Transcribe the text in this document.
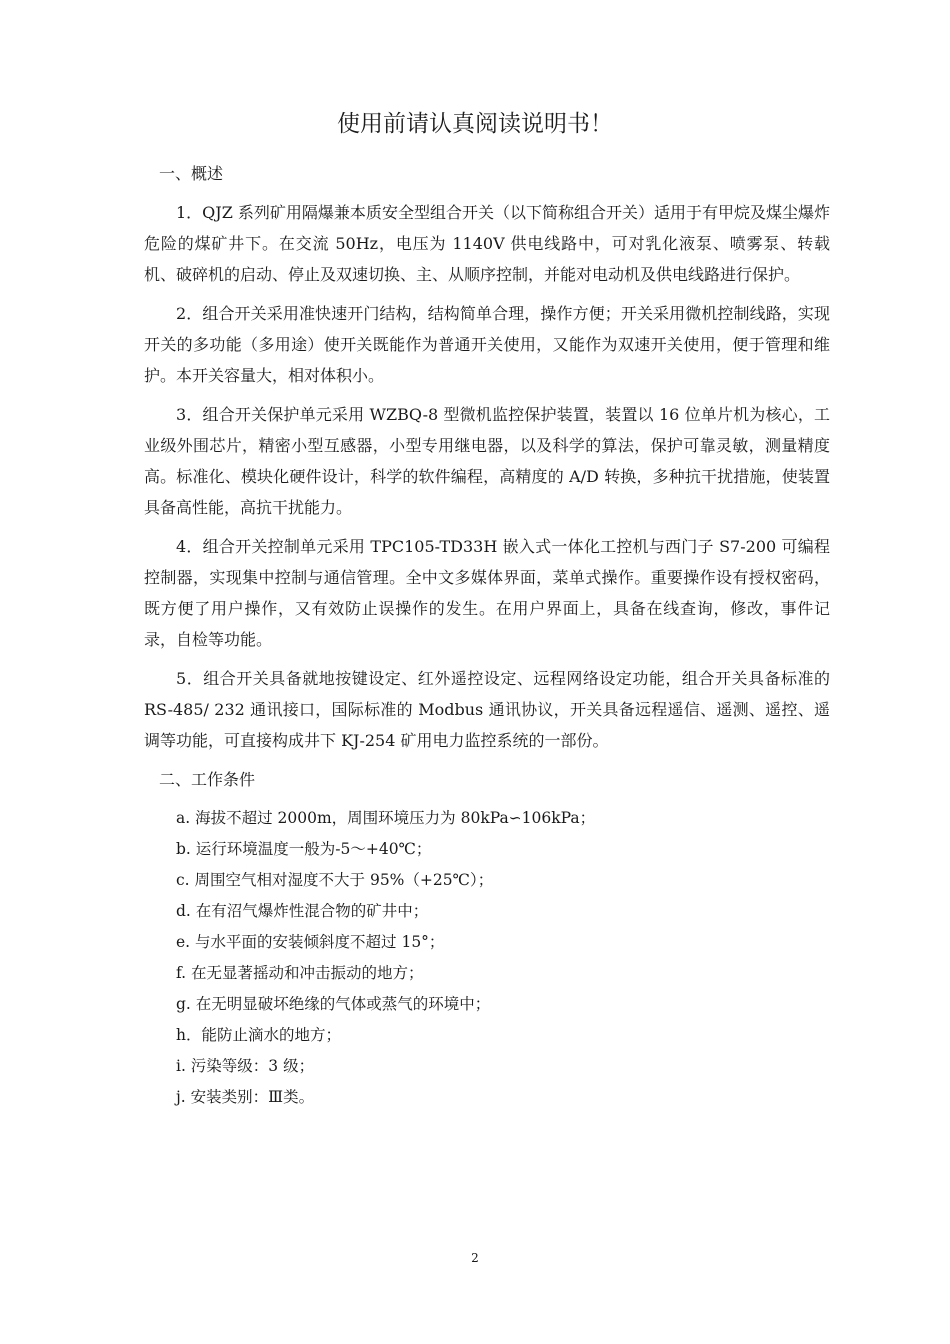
使用前请认真阅读说明书！
一、概述

1．QJZ 系列矿用隔爆兼本质安全型组合开关（以下简称组合开关）适用于有甲烷及煤尘爆炸危险的煤矿井下。在交流 50Hz，电压为 1140V 供电线路中，可对乳化液泵、喷雾泵、转载机、破碎机的启动、停止及双速切换、主、从顺序控制，并能对电动机及供电线路进行保护。

2．组合开关采用准快速开门结构，结构简单合理，操作方便；开关采用微机控制线路，实现开关的多功能（多用途）使开关既能作为普通开关使用，又能作为双速开关使用，便于管理和维护。本开关容量大，相对体积小。

3．组合开关保护单元采用 WZBQ-8 型微机监控保护装置，装置以 16 位单片机为核心，工业级外围芯片，精密小型互感器，小型专用继电器，以及科学的算法，保护可靠灵敏，测量精度高。标准化、模块化硬件设计，科学的软件编程，高精度的 A/D 转换，多种抗干扰措施，使装置具备高性能，高抗干扰能力。

4．组合开关控制单元采用 TPC105-TD33H 嵌入式一体化工控机与西门子 S7-200 可编程控制器，实现集中控制与通信管理。全中文多媒体界面，菜单式操作。重要操作设有授权密码，既方便了用户操作，又有效防止误操作的发生。在用户界面上，具备在线查询，修改，事件记录，自检等功能。

5．组合开关具备就地按键设定、红外遥控设定、远程网络设定功能，组合开关具备标准的 RS-485/ 232 通讯接口，国际标准的 Modbus 通讯协议，开关具备远程遥信、遥测、遥控、遥调等功能，可直接构成井下 KJ-254 矿用电力监控系统的一部份。

二、工作条件
a. 海拔不超过 2000m，周围环境压力为 80kPa∽106kPa；
b. 运行环境温度一般为-5～+40℃；
c. 周围空气相对湿度不大于 95%（+25℃）；
d. 在有沼气爆炸性混合物的矿井中；
e. 与水平面的安装倾斜度不超过 15°；
f. 在无显著摇动和冲击振动的地方；
g. 在无明显破坏绝缘的气体或蒸气的环境中；
h．能防止滴水的地方；
i. 污染等级：3 级；
j. 安装类别：Ⅲ类。
2
